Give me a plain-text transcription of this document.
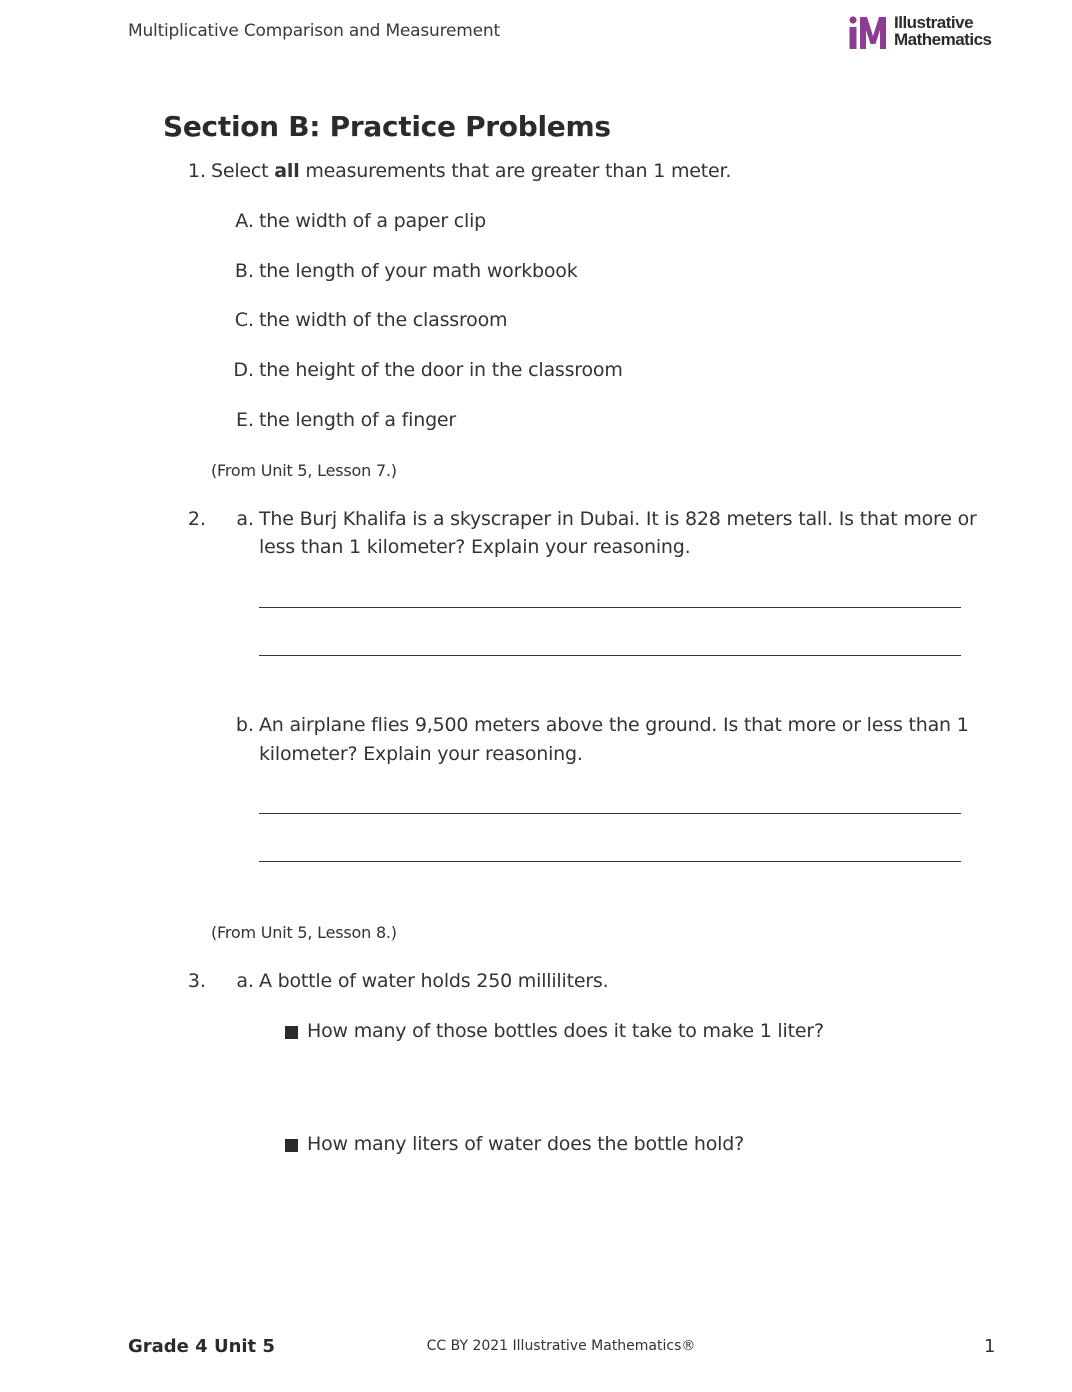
Multiplicative Comparison and Measurement	Illustrative
Mathematics
Section B: Practice Problems
1. Select all measurements that are greater than 1 meter.
A. the width of a paper clip
B. the length of your math workbook
C. the width of the classroom
D. the height of the door in the classroom
E. the length of a finger
(From Unit 5, Lesson 7.)
2.	a. The Burj Khalifa is a skyscraper in Dubai. It is 828 meters tall. Is that more or
less than 1 kilometer? Explain your reasoning.
b. An airplane flies 9,500 meters above the ground. Is that more or less than 1
kilometer? Explain your reasoning.
(From Unit 5, Lesson 8.)
3.	a. A bottle of water holds 250 milliliters.
How many of those bottles does it take to make 1 liter?
How many liters of water does the bottle hold?
Grade 4 Unit 5	CC BY 2021 Illustrative Mathematics®	1
